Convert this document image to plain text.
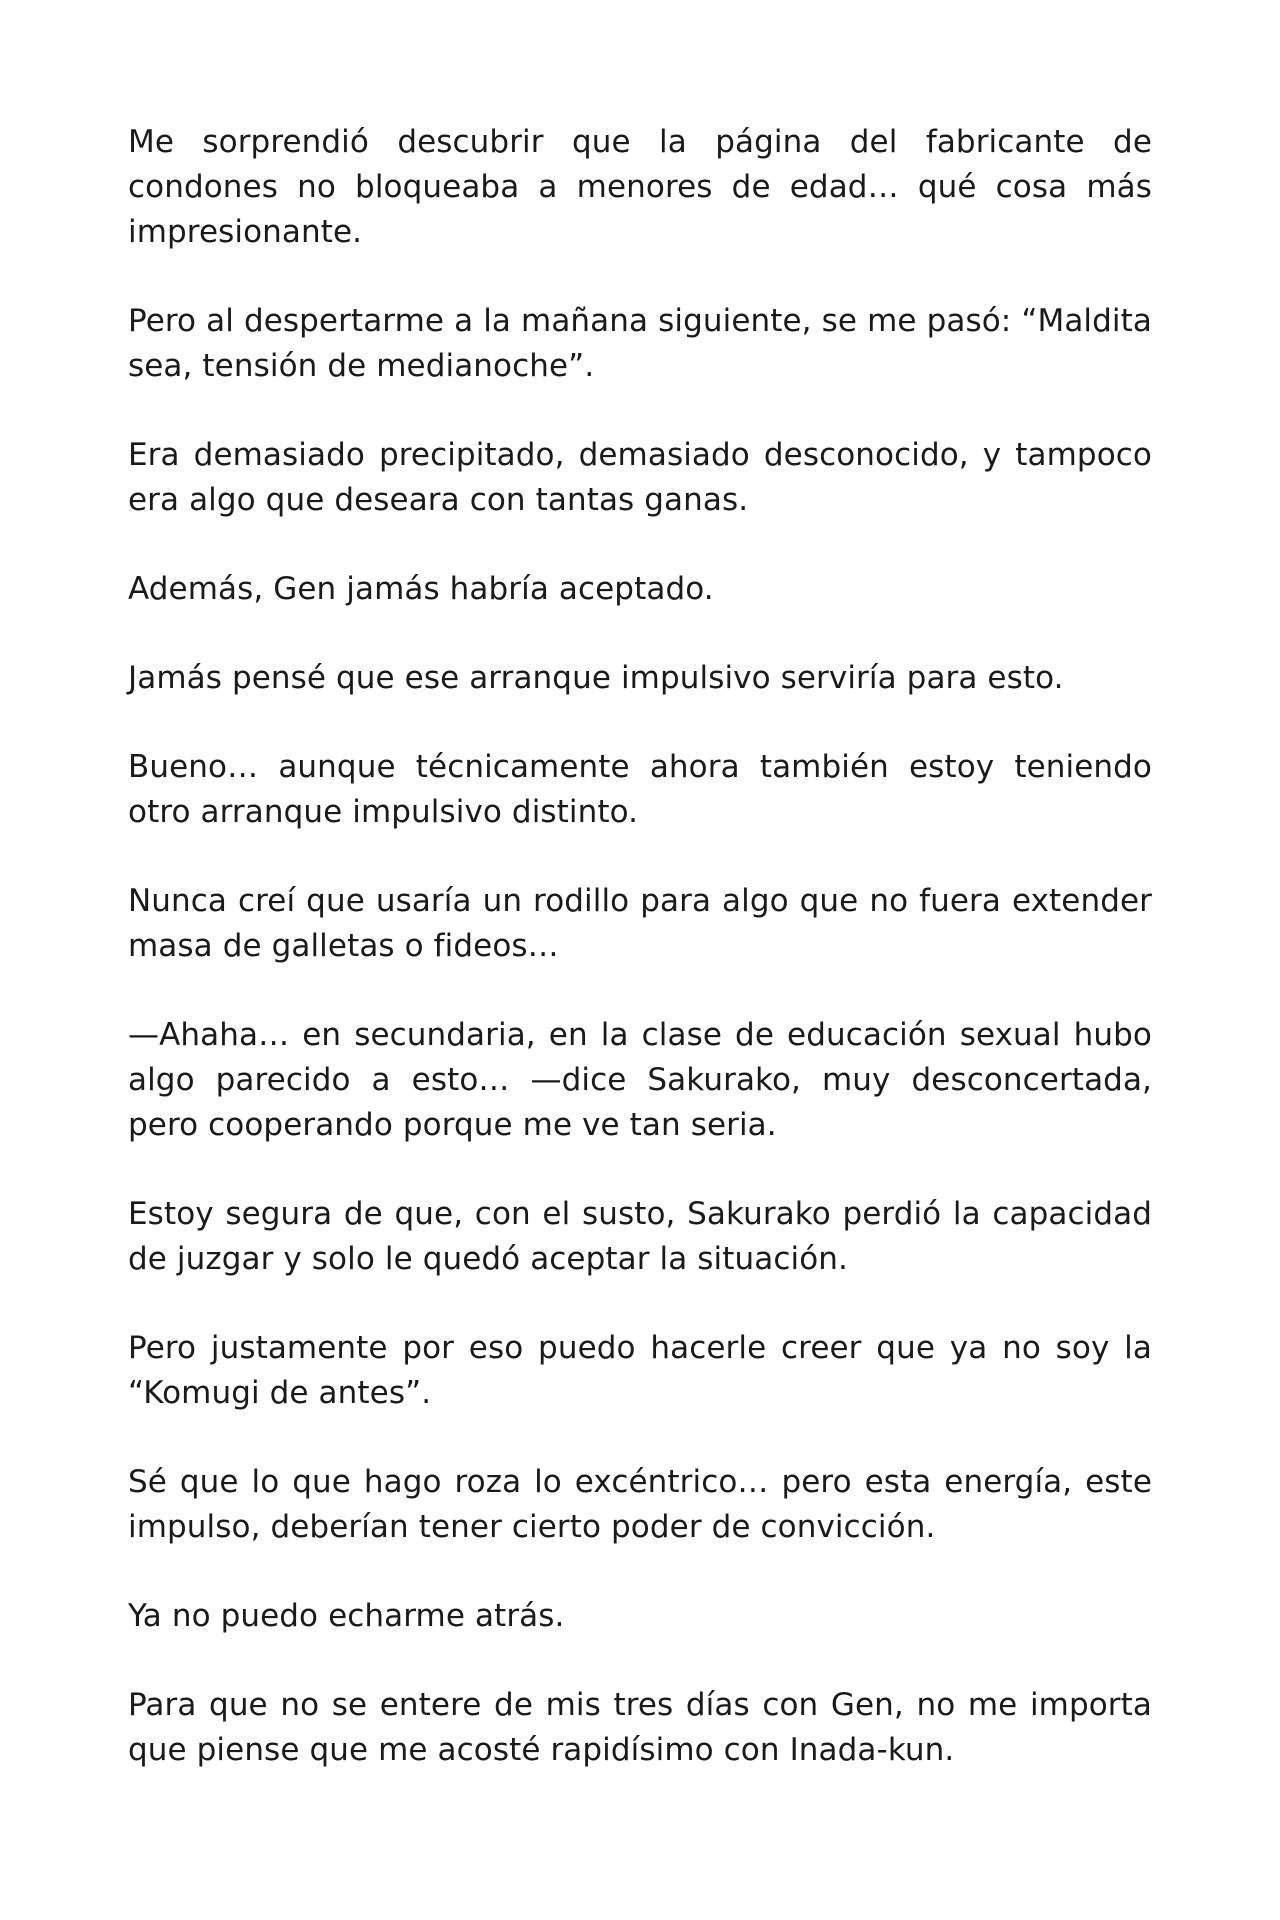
Me sorprendió descubrir que la página del fabricante de condones no bloqueaba a menores de edad… qué cosa más impresionante.

Pero al despertarme a la mañana siguiente, se me pasó: “Maldita sea, tensión de medianoche”.

Era demasiado precipitado, demasiado desconocido, y tampoco era algo que deseara con tantas ganas.

Además, Gen jamás habría aceptado.

Jamás pensé que ese arranque impulsivo serviría para esto.

Bueno… aunque técnicamente ahora también estoy teniendo otro arranque impulsivo distinto.

Nunca creí que usaría un rodillo para algo que no fuera extender masa de galletas o fideos…

—Ahaha… en secundaria, en la clase de educación sexual hubo algo parecido a esto… —dice Sakurako, muy desconcertada, pero cooperando porque me ve tan seria.

Estoy segura de que, con el susto, Sakurako perdió la capacidad de juzgar y solo le quedó aceptar la situación.

Pero justamente por eso puedo hacerle creer que ya no soy la “Komugi de antes”.

Sé que lo que hago roza lo excéntrico… pero esta energía, este impulso, deberían tener cierto poder de convicción.

Ya no puedo echarme atrás.

Para que no se entere de mis tres días con Gen, no me importa que piense que me acosté rapidísimo con Inada-kun.
